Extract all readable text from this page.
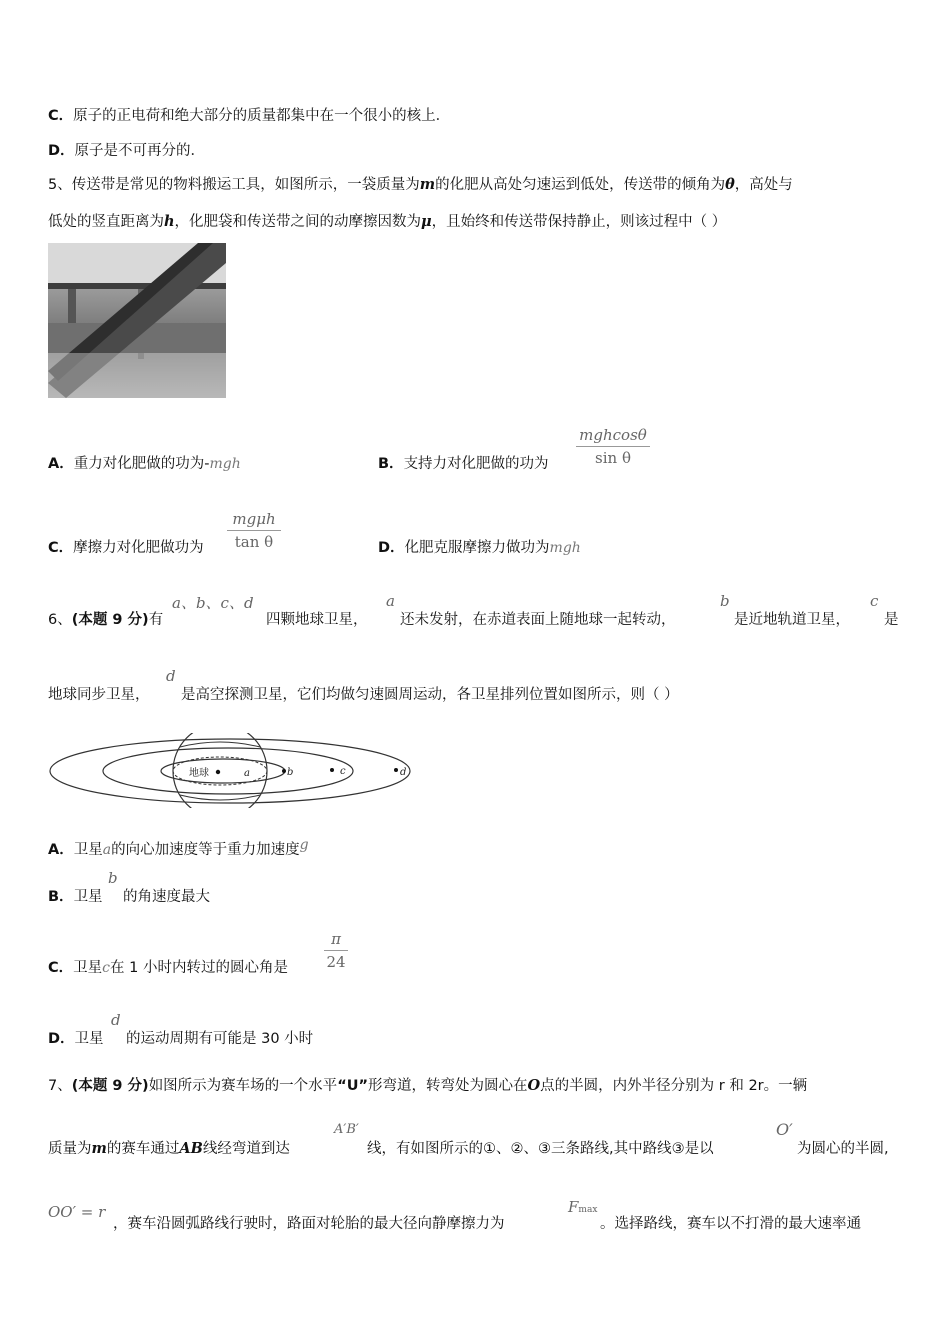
C．原子的正电荷和绝大部分的质量都集中在一个很小的核上．
D．原子是不可再分的．
5、传送带是常见的物料搬运工具，如图所示，一袋质量为m的化肥从高处匀速运到低处，传送带的倾角为θ，高处与
低处的竖直距离为h，化肥袋和传送带之间的动摩擦因数为μ，且始终和传送带保持静止，则该过程中（ ）
A．重力对化肥做的功为-mgh	B．支持力对化肥做的功为
mghcosθ
sin θ
C．摩擦力对化肥做功为
mgμh
tan θ	D．化肥克服摩擦力做功为mgh
6、(本题 9 分)有
a、b、c、d
四颗地球卫星，
a
还未发射，在赤道表面上随地球一起转动，
b
是近地轨道卫星，
c
是
地球同步卫星，
d
是高空探测卫星，它们均做匀速圆周运动，各卫星排列位置如图所示，则（ ）
地球	a	b	c	d
A．卫星a的向心加速度等于重力加速度g
B．卫星
b
的角速度最大
C．卫星c在 1 小时内转过的圆心角是
π
24
D．卫星
d
的运动周期有可能是 30 小时
7、(本题 9 分)如图所示为赛车场的一个水平“U”形弯道，转弯处为圆心在O点的半圆，内外半径分别为 r 和 2r。一辆
质量为m的赛车通过AB线经弯道到达
A′B′
线，有如图所示的①、②、③三条路线,其中路线③是以
O′
为圆心的半圆,
OO′ = r
，赛车沿圆弧路线行驶时，路面对轮胎的最大径向静摩擦力为
Fmax
。选择路线，赛车以不打滑的最大速率通
